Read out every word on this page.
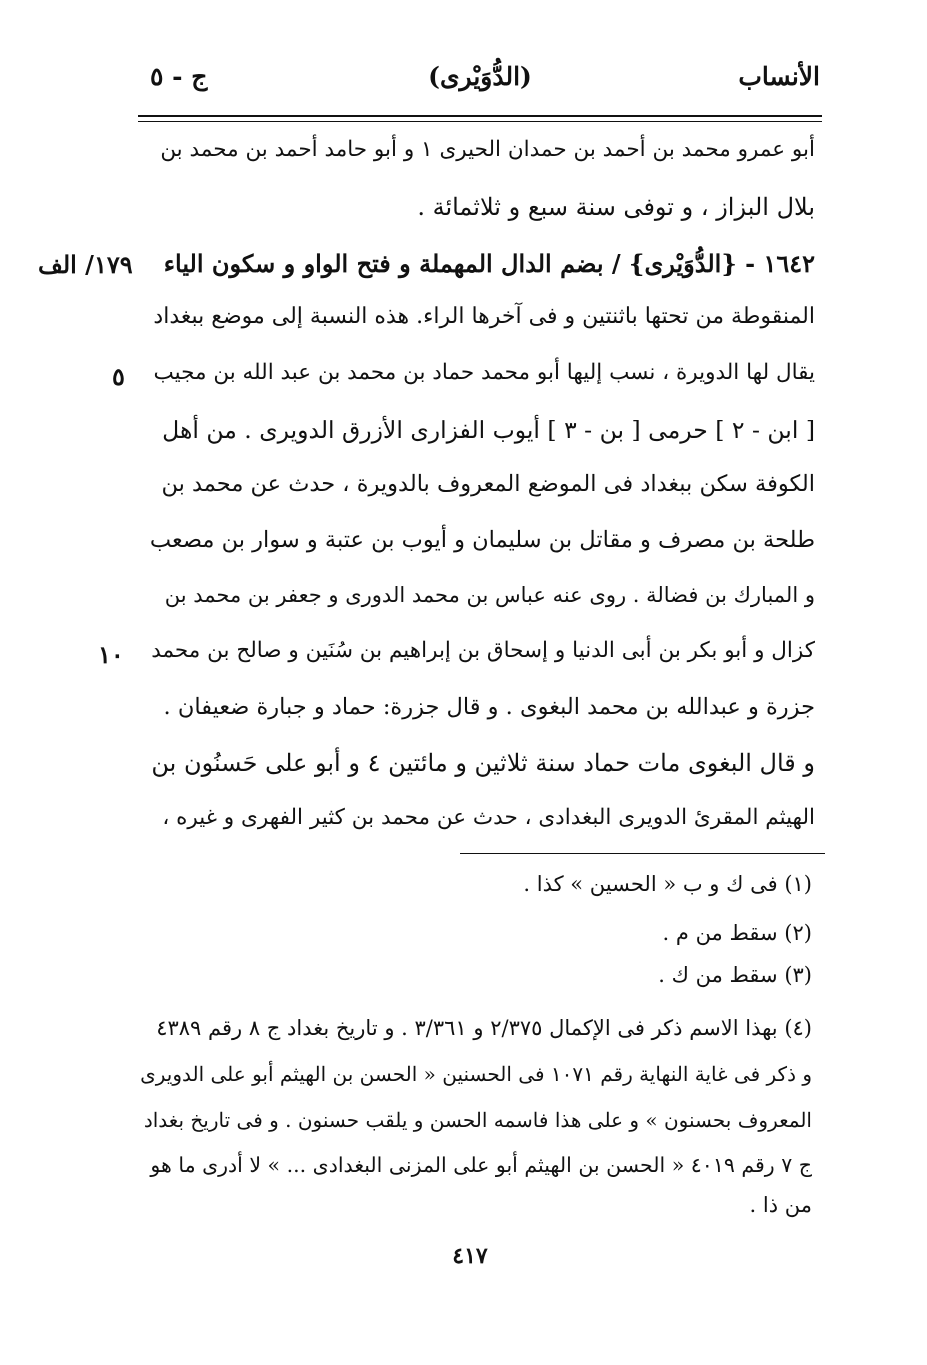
الأنساب
(الدُّوَيْرى)
ج - ٥
أبو عمرو محمد بن أحمد بن حمدان الحيرى ١ و أبو حامد أحمد بن محمد بن
بلال البزاز ، و توفى سنة سبع و ثلاثمائة .
١٦٤٢ - {الدُّوَيْرى} / بضم الدال المهملة و فتح الواو و سكون الياء
المنقوطة من تحتها باثنتين و فى آخرها الراء. هذه النسبة إلى موضع ببغداد
يقال لها الدويرة ، نسب إليها أبو محمد حماد بن محمد بن عبد الله بن مجيب
[ ابن - ٢ ] حرمى [ بن - ٣ ] أيوب الفزارى الأزرق الدويرى . من أهل
الكوفة سكن ببغداد فى الموضع المعروف بالدويرة ، حدث عن محمد بن
طلحة بن مصرف و مقاتل بن سليمان و أيوب بن عتبة و سوار بن مصعب
و المبارك بن فضالة . روى عنه عباس بن محمد الدورى و جعفر بن محمد بن
كزال و أبو بكر بن أبى الدنيا و إسحاق بن إبراهيم بن سُنَين و صالح بن محمد
جزرة و عبدالله بن محمد البغوى . و قال جزرة: حماد و جبارة ضعيفان .
و قال البغوى مات حماد سنة ثلاثين و مائتين ٤ و أبو على حَسنُون بن
الهيثم المقرئ الدويرى البغدادى ، حدث عن محمد بن كثير الفهرى و غيره ،
١٧٩/ الف
٥
١٠
(١) فى ك و ب « الحسين » كذا .
(٢) سقط من م .
(٣) سقط من ك .
(٤) بهذا الاسم ذكر فى الإكمال ٢/٣٧٥ و ٣/٣٦١ . و تاريخ بغداد ج ٨ رقم ٤٣٨٩
و ذكر فى غاية النهاية رقم ١٠٧١ فى الحسنين « الحسن بن الهيثم أبو على الدويرى
المعروف بحسنون » و على هذا فاسمه الحسن و يلقب حسنون . و فى تاريخ بغداد
ج ٧ رقم ٤٠١٩ « الحسن بن الهيثم أبو على المزنى البغدادى ... » لا أدرى ما هو
من ذا .
٤١٧
